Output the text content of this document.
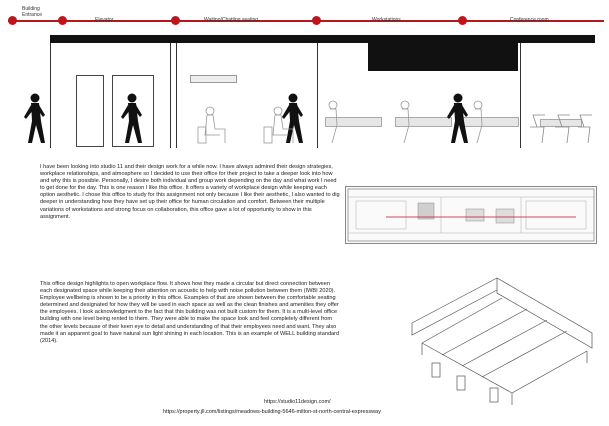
Building
Entrance
Elevator	Waiting/Chatting seating	Workstations	Conference room

I have been looking into studio 11 and their design work for a while now. I have always admired their design strategies, workplace relationships, and atmosphere so I decided to use their office for their project to take a deeper look into how and why this is possible. Personally, I desire both individual and group work depending on the day and what work I need to get done for the day. This is one reason I like this office. It offers a variety of workplace design while keeping each option aesthetic. I chose this office to study for this assignment not only because I like their aesthetic, I also wanted to dig deeper in understanding how they have set up their office for human circulation and comfort. Between their multiple variations of workstations and strong focus on collaboration, this office gave a lot of opportunity to show in this assignment.

This office design highlights to open workplace flow. It shows how they made a circular but direct connection between each designated space while keeping their attention on acoustic to help with noise pollution between them (IWBI 2020). Employee wellbeing is shown to be a priority in this office. Examples of that are shown between the comfortable seating determined and designated for how they will be used in each space as well as the clean finishes and amenities they offer the employees. I took acknowledgment to the fact that this building was not built custom for them. It is a multi-level office building with one level being rented to them. They were able to make the space look and feel completely different from the other levels because of their keen eye to detail and understanding of that their employees need and want. They also made it an apparent goal to have natural sun light shining in each location. This is an example of WELL building standard (2014).

https://studio11design.com/
https://property.jll.com/listings/meadows-building-5646-milton-st-north-central-expressway
